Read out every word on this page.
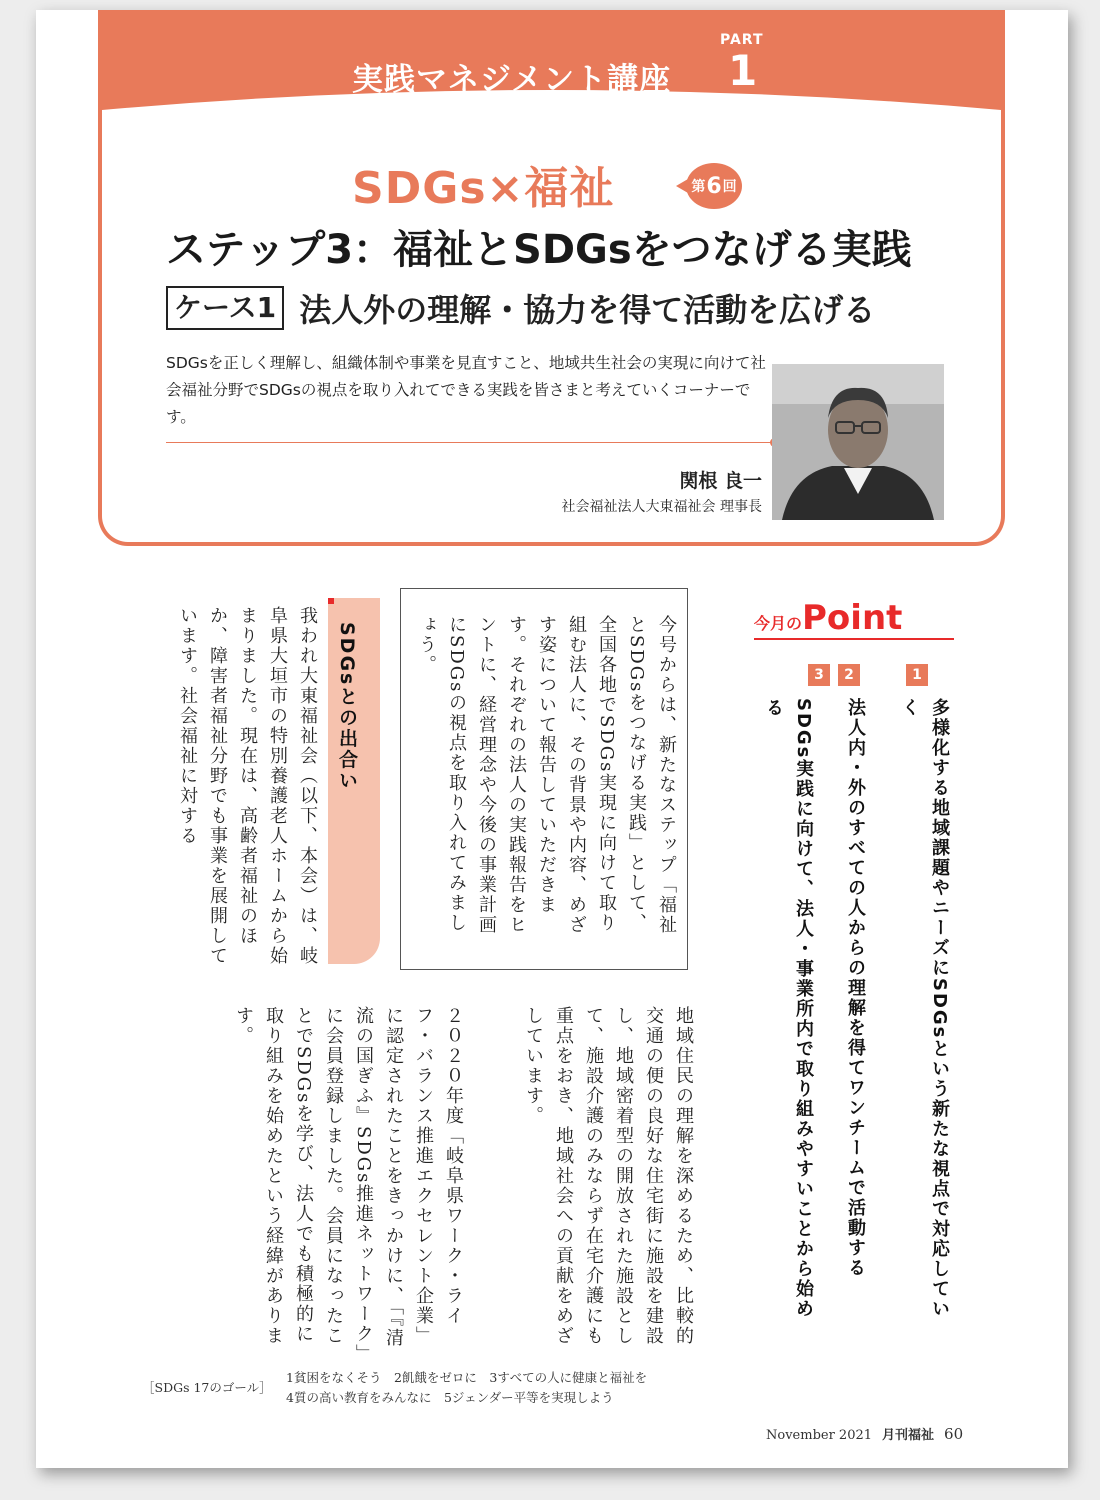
実践マネジメント講座
PART
1
SDGs×福祉	第 6 回
ステップ3：福祉とSDGsをつなげる実践
ケース1 法人外の理解・協力を得て活動を広げる
SDGsを正しく理解し、組織体制や事業を見直すこと、地域共生社会の実現に向けて社会福祉分野でSDGsの視点を取り入れてできる実践を皆さまと考えていくコーナーです。
関根 良一
社会福祉法人大東福祉会 理事長
今月のPoint
1
多様化する地域課題やニーズにSDGsという新たな視点で対応していく
2
法人内・外のすべての人からの理解を得てワンチームで活動する
3
SDGs実践に向けて、法人・事業所内で取り組みやすいことから始める
今号からは、新たなステップ「福祉とSDGsをつなげる実践」として、全国各地でSDGs実現に向けて取り組む法人に、その背景や内容、めざす姿について報告していただきます。それぞれの法人の実践報告をヒントに、経営理念や今後の事業計画にSDGsの視点を取り入れてみましょう。
SDGsとの出合い
我われ大東福祉会（以下、本会）は、岐阜県大垣市の特別養護老人ホームから始まりました。現在は、高齢者福祉のほか、障害者福祉分野でも事業を展開しています。社会福祉に対する
地域住民の理解を深めるため、比較的交通の便の良好な住宅街に施設を建設し、地域密着型の開放された施設として、施設介護のみならず在宅介護にも重点をおき、地域社会への貢献をめざしています。
２０２０年度「岐阜県ワーク・ライフ・バランス推進エクセレント企業」に認定されたことをきっかけに、「『清流の国ぎふ』SDGs推進ネットワーク」に会員登録しました。会員になったことでSDGsを学び、法人でも積極的に取り組みを始めたという経緯があります。
［SDGs 17のゴール］
1貧困をなくそう　2飢餓をゼロに　3すべての人に健康と福祉を
4質の高い教育をみんなに　5ジェンダー平等を実現しよう
November 2021 月刊福祉 60
